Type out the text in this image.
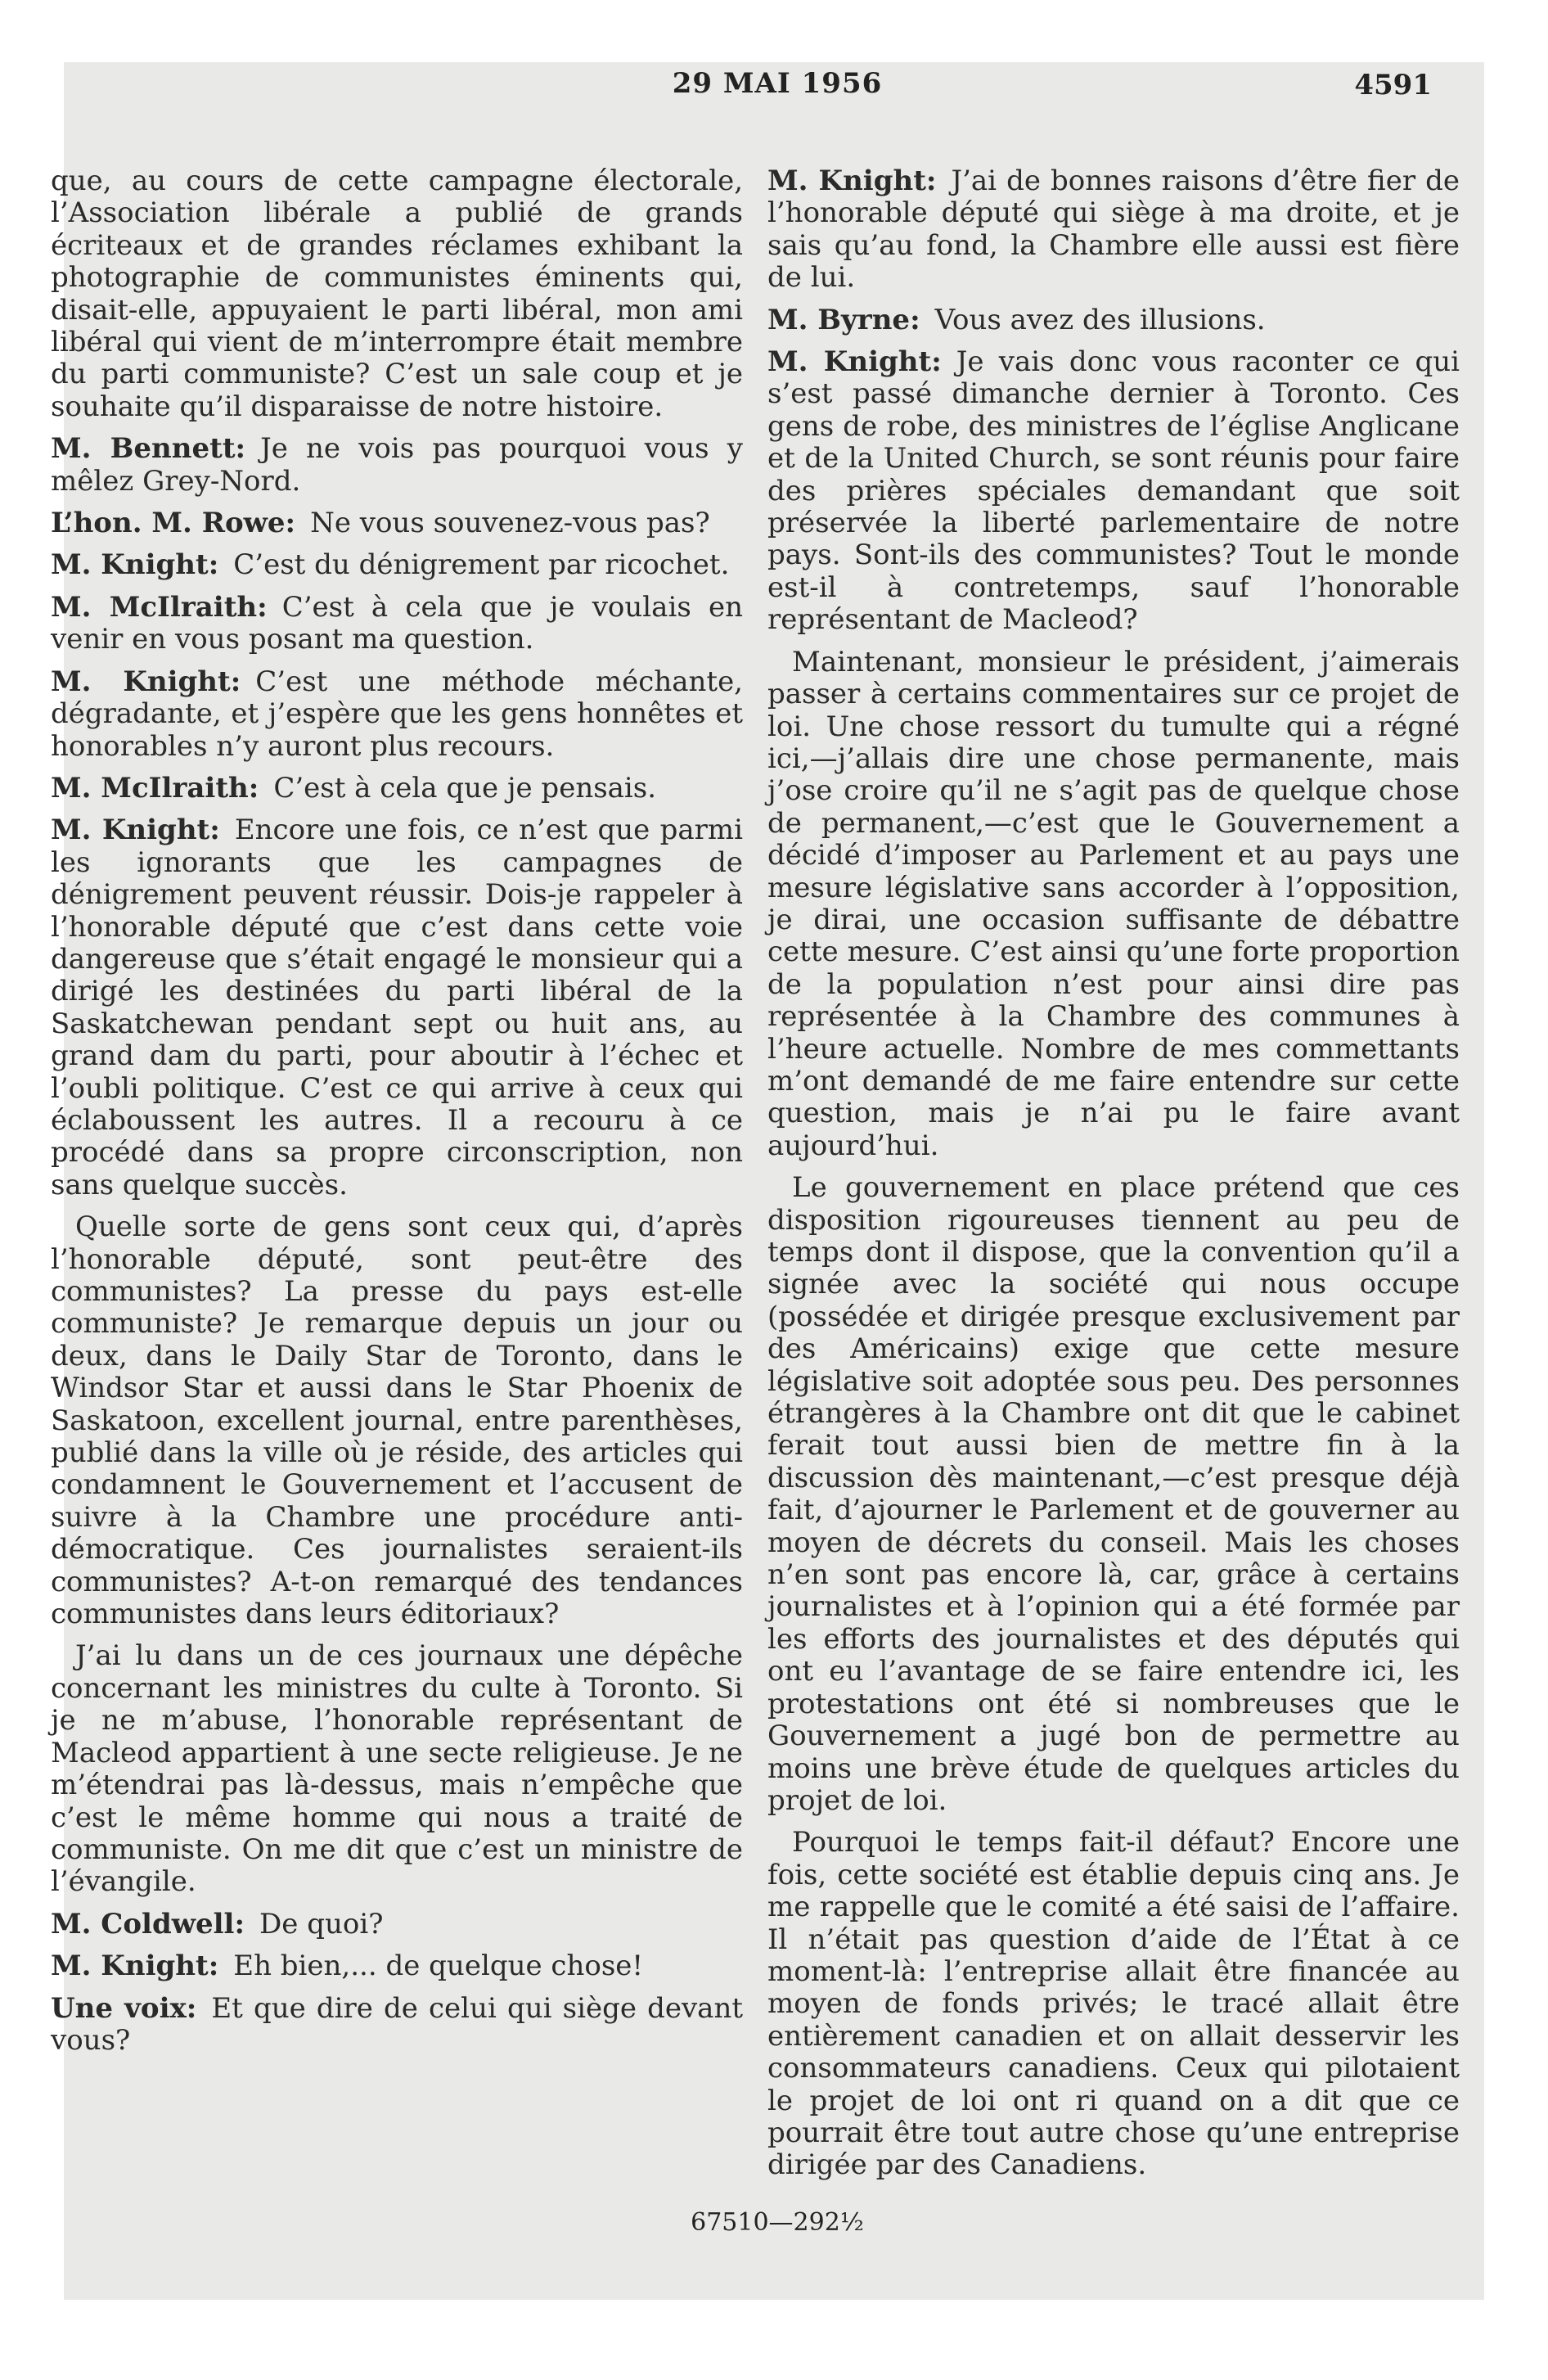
29 MAI 1956	4591

que, au cours de cette campagne électorale, l’Association libérale a publié de grands écriteaux et de grandes réclames exhibant la photographie de communistes éminents qui, disait-elle, appuyaient le parti libéral, mon ami libéral qui vient de m’interrompre était membre du parti communiste? C’est un sale coup et je souhaite qu’il disparaisse de notre histoire.

M. Bennett: Je ne vois pas pourquoi vous y mêlez Grey-Nord.

L’hon. M. Rowe: Ne vous souvenez-vous pas?

M. Knight: C’est du dénigrement par ricochet.

M. McIlraith: C’est à cela que je voulais en venir en vous posant ma question.

M. Knight: C’est une méthode méchante, dégradante, et j’espère que les gens honnêtes et honorables n’y auront plus recours.

M. McIlraith: C’est à cela que je pensais.

M. Knight: Encore une fois, ce n’est que parmi les ignorants que les campagnes de dénigrement peuvent réussir. Dois-je rappeler à l’honorable député que c’est dans cette voie dangereuse que s’était engagé le monsieur qui a dirigé les destinées du parti libéral de la Saskatchewan pendant sept ou huit ans, au grand dam du parti, pour aboutir à l’échec et l’oubli politique. C’est ce qui arrive à ceux qui éclaboussent les autres. Il a recouru à ce procédé dans sa propre circonscription, non sans quelque succès.

Quelle sorte de gens sont ceux qui, d’après l’honorable député, sont peut-être des communistes? La presse du pays est-elle communiste? Je remarque depuis un jour ou deux, dans le Daily Star de Toronto, dans le Windsor Star et aussi dans le Star Phoenix de Saskatoon, excellent journal, entre parenthèses, publié dans la ville où je réside, des articles qui condamnent le Gouvernement et l’accusent de suivre à la Chambre une procédure anti-démocratique. Ces journalistes seraient-ils communistes? A-t-on remarqué des tendances communistes dans leurs éditoriaux?

J’ai lu dans un de ces journaux une dépêche concernant les ministres du culte à Toronto. Si je ne m’abuse, l’honorable représentant de Macleod appartient à une secte religieuse. Je ne m’étendrai pas là-dessus, mais n’empêche que c’est le même homme qui nous a traité de communiste. On me dit que c’est un ministre de l’évangile.

M. Coldwell: De quoi?

M. Knight: Eh bien,... de quelque chose!

Une voix: Et que dire de celui qui siège devant vous?

M. Knight: J’ai de bonnes raisons d’être fier de l’honorable député qui siège à ma droite, et je sais qu’au fond, la Chambre elle aussi est fière de lui.

M. Byrne: Vous avez des illusions.

M. Knight: Je vais donc vous raconter ce qui s’est passé dimanche dernier à Toronto. Ces gens de robe, des ministres de l’église Anglicane et de la United Church, se sont réunis pour faire des prières spéciales demandant que soit préservée la liberté parlementaire de notre pays. Sont-ils des communistes? Tout le monde est-il à contretemps, sauf l’honorable représentant de Macleod?

Maintenant, monsieur le président, j’aimerais passer à certains commentaires sur ce projet de loi. Une chose ressort du tumulte qui a régné ici,—j’allais dire une chose permanente, mais j’ose croire qu’il ne s’agit pas de quelque chose de permanent,—c’est que le Gouvernement a décidé d’imposer au Parlement et au pays une mesure législative sans accorder à l’opposition, je dirai, une occasion suffisante de débattre cette mesure. C’est ainsi qu’une forte proportion de la population n’est pour ainsi dire pas représentée à la Chambre des communes à l’heure actuelle. Nombre de mes commettants m’ont demandé de me faire entendre sur cette question, mais je n’ai pu le faire avant aujourd’hui.

Le gouvernement en place prétend que ces disposition rigoureuses tiennent au peu de temps dont il dispose, que la convention qu’il a signée avec la société qui nous occupe (possédée et dirigée presque exclusivement par des Américains) exige que cette mesure législative soit adoptée sous peu. Des personnes étrangères à la Chambre ont dit que le cabinet ferait tout aussi bien de mettre fin à la discussion dès maintenant,—c’est presque déjà fait, d’ajourner le Parlement et de gouverner au moyen de décrets du conseil. Mais les choses n’en sont pas encore là, car, grâce à certains journalistes et à l’opinion qui a été formée par les efforts des journalistes et des députés qui ont eu l’avantage de se faire entendre ici, les protestations ont été si nombreuses que le Gouvernement a jugé bon de permettre au moins une brève étude de quelques articles du projet de loi.

Pourquoi le temps fait-il défaut? Encore une fois, cette société est établie depuis cinq ans. Je me rappelle que le comité a été saisi de l’affaire. Il n’était pas question d’aide de l’État à ce moment-là: l’entreprise allait être financée au moyen de fonds privés; le tracé allait être entièrement canadien et on allait desservir les consommateurs canadiens. Ceux qui pilotaient le projet de loi ont ri quand on a dit que ce pourrait être tout autre chose qu’une entreprise dirigée par des Canadiens.

67510—292½
